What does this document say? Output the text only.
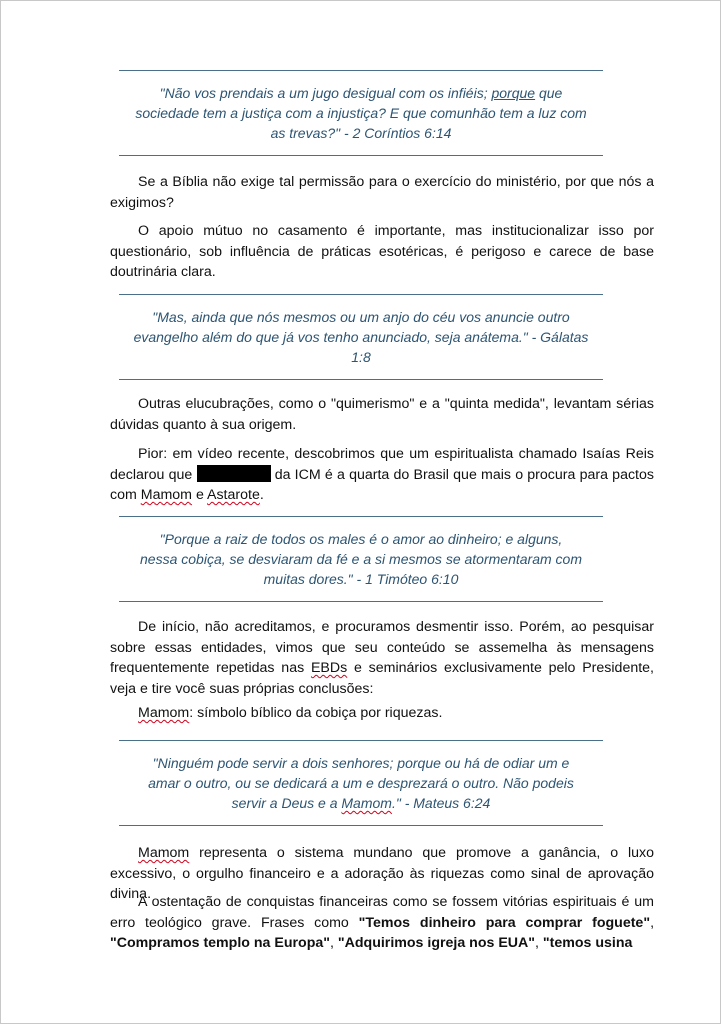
"Não vos prendais a um jugo desigual com os infiéis; porque que
sociedade tem a justiça com a injustiça? E que comunhão tem a luz com
as trevas?" - 2 Coríntios 6:14

Se a Bíblia não exige tal permissão para o exercício do ministério, por que nós a exigimos?

O apoio mútuo no casamento é importante, mas institucionalizar isso por questionário, sob influência de práticas esotéricas, é perigoso e carece de base doutrinária clara.

Outras elucubrações, como o "quimerismo" e a "quinta medida", levantam sérias dúvidas quanto à sua origem.

Pior: em vídeo recente, descobrimos que um espiritualista chamado Isaías Reis declarou que	da ICM é a quarta do Brasil que mais o procura para pactos com Mamom e Astarote.

De início, não acreditamos, e procuramos desmentir isso. Porém, ao pesquisar sobre essas entidades, vimos que seu conteúdo se assemelha às mensagens frequentemente repetidas nas EBDs e seminários exclusivamente pelo Presidente, veja e tire você suas próprias conclusões:

Mamom: símbolo bíblico da cobiça por riquezas.

Mamom representa o sistema mundano que promove a ganância, o luxo excessivo, o orgulho financeiro e a adoração às riquezas como sinal de aprovação divina.

A ostentação de conquistas financeiras como se fossem vitórias espirituais é um erro teológico grave. Frases como "Temos dinheiro para comprar foguete", "Compramos templo na Europa", "Adquirimos igreja nos EUA", "temos usina

"Mas, ainda que nós mesmos ou um anjo do céu vos anuncie outro
evangelho além do que já vos tenho anunciado, seja anátema." - Gálatas
1:8
"Porque a raiz de todos os males é o amor ao dinheiro; e alguns,
nessa cobiça, se desviaram da fé e a si mesmos se atormentaram com
muitas dores." - 1 Timóteo 6:10
"Ninguém pode servir a dois senhores; porque ou há de odiar um e
amar o outro, ou se dedicará a um e desprezará o outro. Não podeis
servir a Deus e a Mamom." - Mateus 6:24
